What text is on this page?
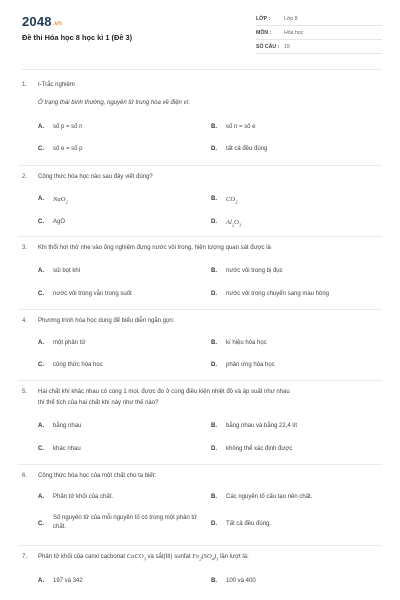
2048.vn
Đề thi Hóa học 8 học kì 1 (Đề 3)
LỚP :	Lớp 8
MÔN : Hóa học
SỐ CÂU : 15
1. I-Trắc nghiệm
Ở trạng thái bình thường, nguyên tử trung hòa về điện vì:
A. số p = số n	B. số n = số e
C. số e = số p	D. tất cả đều đúng
2. Công thức hóa học nào sau đây viết đúng?
A. NaO$_2$	B. $CO_2$
C. AgO	D. $Al_2O_3$
3. Khi thổi hơi thở nhẹ vào ống nghiệm đựng nước vôi trong, hiện tượng quan sát được là
A. sủi bọt khí	B. nước vôi trong bị đục
C. nước vôi trong vẫn trong suốt	D. nước vôi trong chuyển sang màu hồng
4. Phương trình hóa học dung để biểu diễn ngắn gọn:
A. một phân tử	B. kí hiệu hóa học
C. công thức hóa học	D. phản ứng hóa học
5. Hai chất khí khác nhau có cùng 1 mol, được đo ở cùng điều kiện nhiệt độ và áp suất như nhau
thì thể tích của hai chất khí này như thế nào?
A. bằng nhau	B. bằng nhau và bằng 22,4 lít
C. khác nhau	D. không thể xác định được
6. Công thức hóa học của một chất cho ta biết:
A. Phân tử khối của chất.	B. Các nguyên tố cấu tạo nên chất.
C.
Số nguyên tử của mỗi nguyên tố có trong một phân tử chất.	D. Tất cả đều đúng.
7. Phân tử khối của canxi cacbonat CaCO$_3$ và sắt(III) sunfat $Fe_2(SO_4)_3$ lần lượt là:
A. 197 và 342	B. 100 và 400
